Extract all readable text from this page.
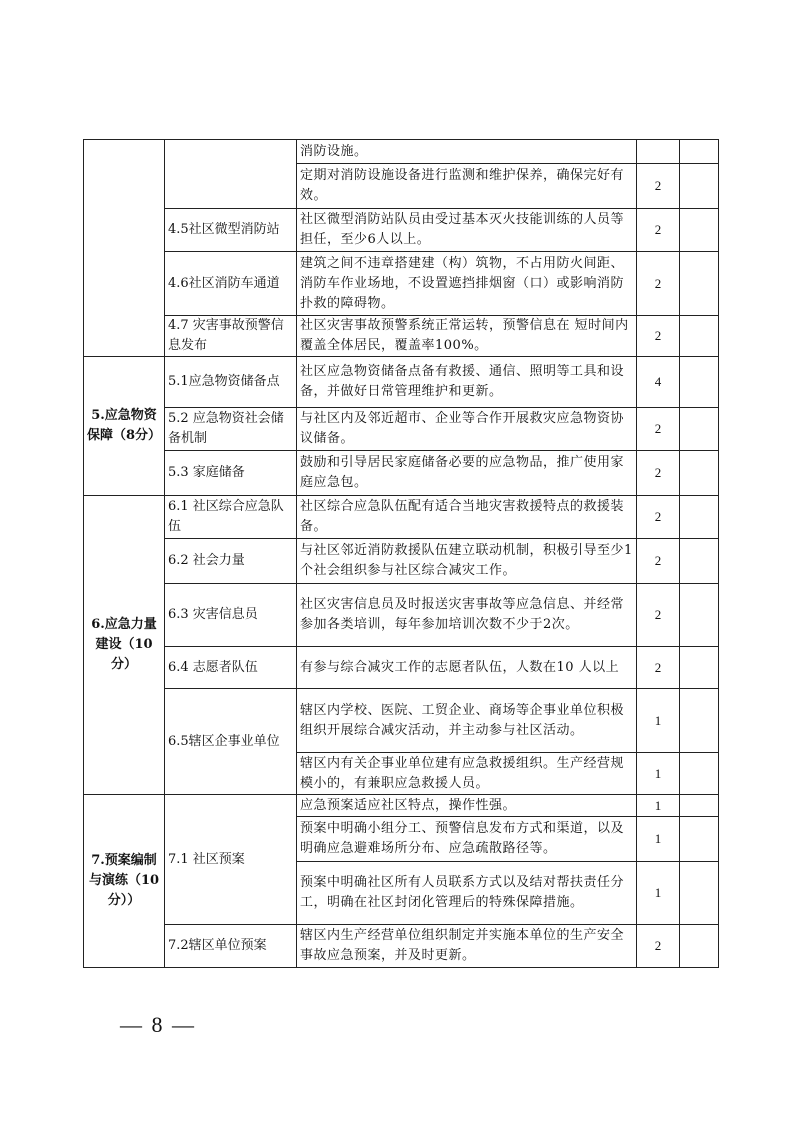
		消防设施。		
		定期对消防设施设备进行监测和维护保养，确保完好有效。	2	
	4.5社区微型消防站	社区微型消防站队员由受过基本灭火技能训练的人员等担任，至少6人以上。	2	
	4.6社区消防车通道	建筑之间不违章搭建建（构）筑物，不占用防火间距、消防车作业场地，不设置遮挡排烟窗（口）或影响消防扑救的障碍物。	2	
	4.7 灾害事故预警信息发布	社区灾害事故预警系统正常运转，预警信息在 短时间内覆盖全体居民，覆盖率100%。	2	
5.应急物资保障（8分）	5.1应急物资储备点	社区应急物资储备点备有救援、通信、照明等工具和设备，并做好日常管理维护和更新。	4	
	5.2 应急物资社会储备机制	与社区内及邻近超市、企业等合作开展救灾应急物资协议储备。	2	
	5.3 家庭储备	鼓励和引导居民家庭储备必要的应急物品，推广使用家庭应急包。	2	
6.应急力量建设（10分）	6.1 社区综合应急队伍	社区综合应急队伍配有适合当地灾害救援特点的救援装备。	2	
	6.2 社会力量	与社区邻近消防救援队伍建立联动机制，积极引导至少1个社会组织参与社区综合减灾工作。	2	
	6.3 灾害信息员	社区灾害信息员及时报送灾害事故等应急信息、并经常参加各类培训，每年参加培训次数不少于2次。	2	
	6.4 志愿者队伍	有参与综合减灾工作的志愿者队伍，人数在10 人以上	2	
	6.5辖区企事业单位	辖区内学校、医院、工贸企业、商场等企事业单位积极组织开展综合减灾活动，并主动参与社区活动。	1	
		辖区内有关企事业单位建有应急救援组织。生产经营规模小的，有兼职应急救援人员。	1	
7.预案编制与演练（10分））	7.1 社区预案	应急预案适应社区特点，操作性强。	1	
		预案中明确小组分工、预警信息发布方式和渠道，以及明确应急避难场所分布、应急疏散路径等。	1	
		预案中明确社区所有人员联系方式以及结对帮扶责任分工，明确在社区封闭化管理后的特殊保障措施。	1	
	7.2辖区单位预案	辖区内生产经营单位组织制定并实施本单位的生产安全事故应急预案，并及时更新。	2	
— 8 —
